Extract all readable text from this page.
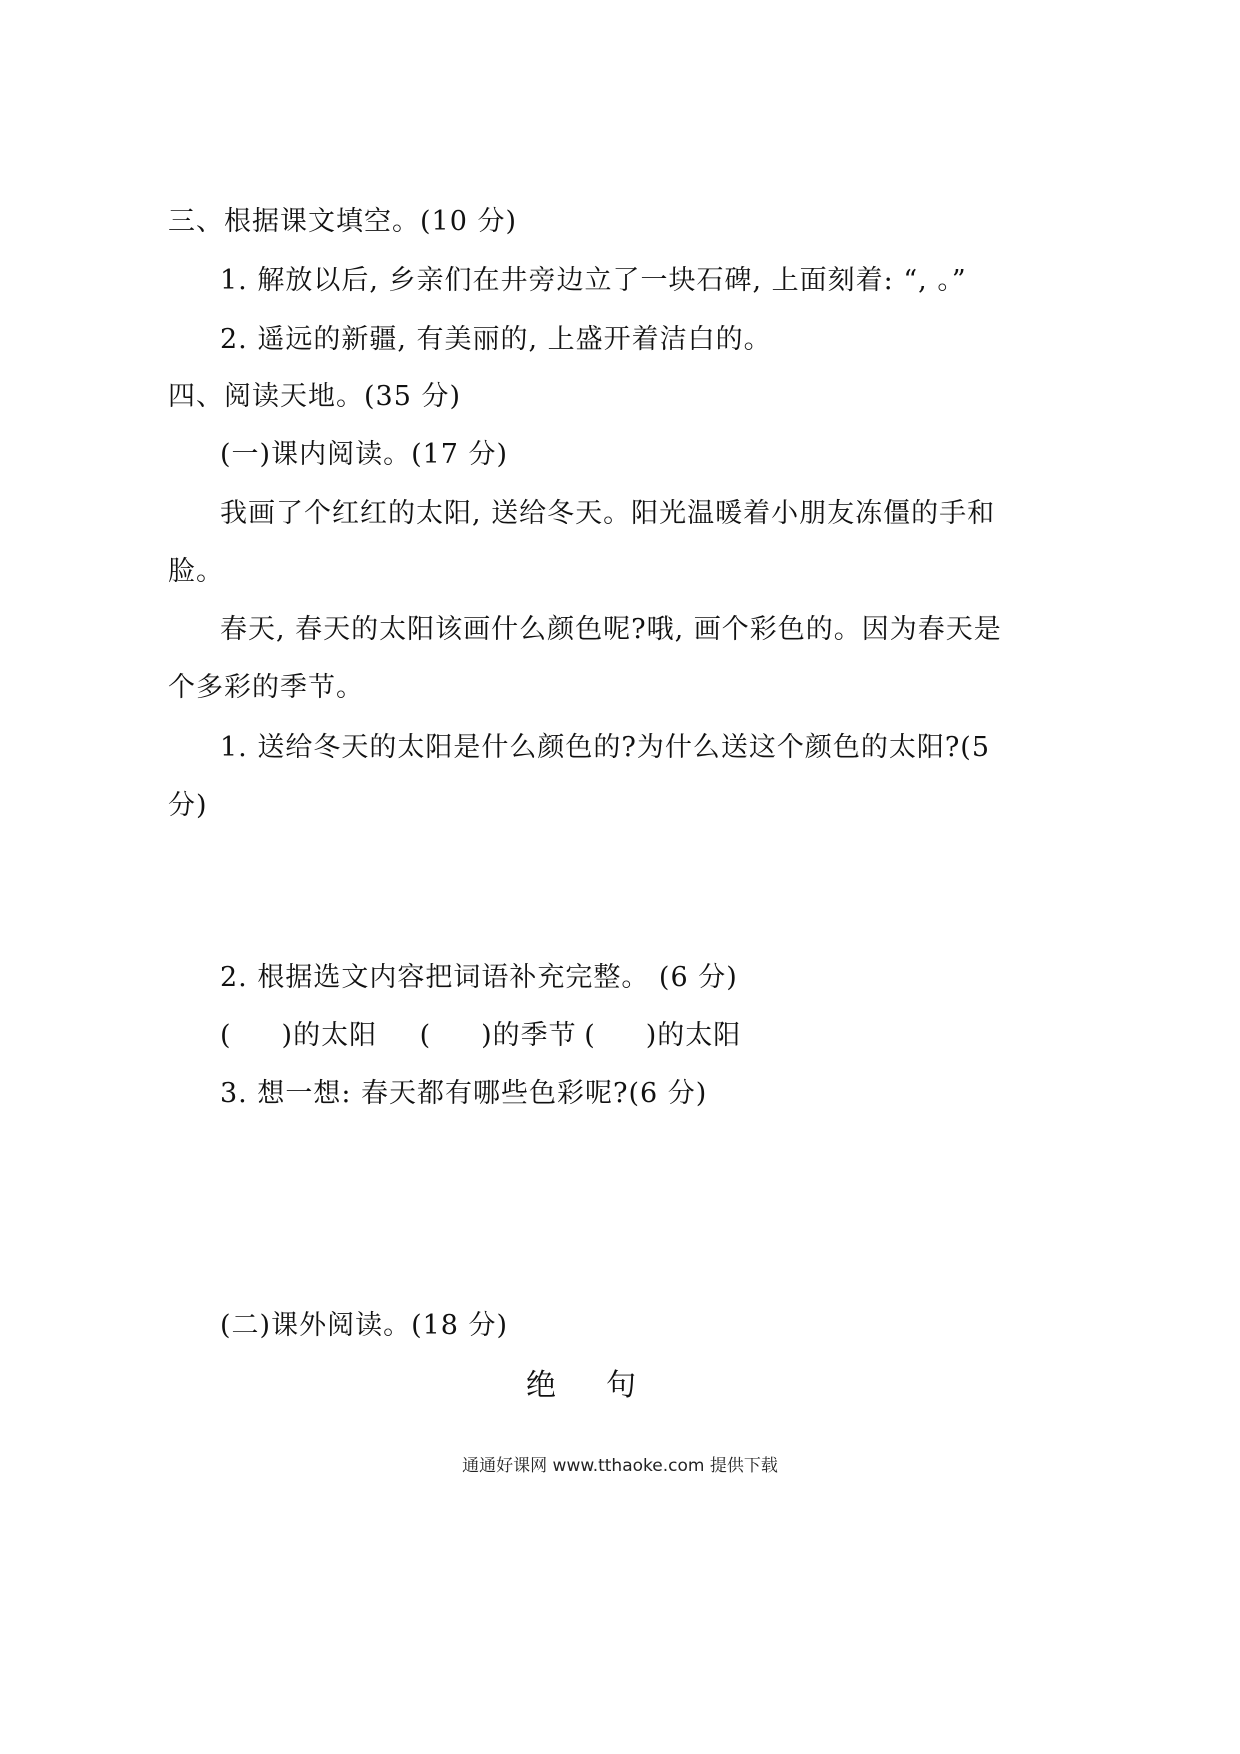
三、根据课文填空。(10 分)
1. 解放以后, 乡亲们在井旁边立了一块石碑, 上面刻着: “, 。”
2. 遥远的新疆, 有美丽的, 上盛开着洁白的。
四、阅读天地。(35 分)
(一)课内阅读。(17 分)
我画了个红红的太阳, 送给冬天。阳光温暖着小朋友冻僵的手和
脸。
春天, 春天的太阳该画什么颜色呢?哦, 画个彩色的。因为春天是
个多彩的季节。
1. 送给冬天的太阳是什么颜色的?为什么送这个颜色的太阳?(5
分)
2. 根据选文内容把词语补充完整。 (6 分)
( )的太阳 ( )的季节 ( )的太阳
3. 想一想: 春天都有哪些色彩呢?(6 分)
(二)课外阅读。(18 分)
绝 句
通通好课网 www.tthaoke.com 提供下载
